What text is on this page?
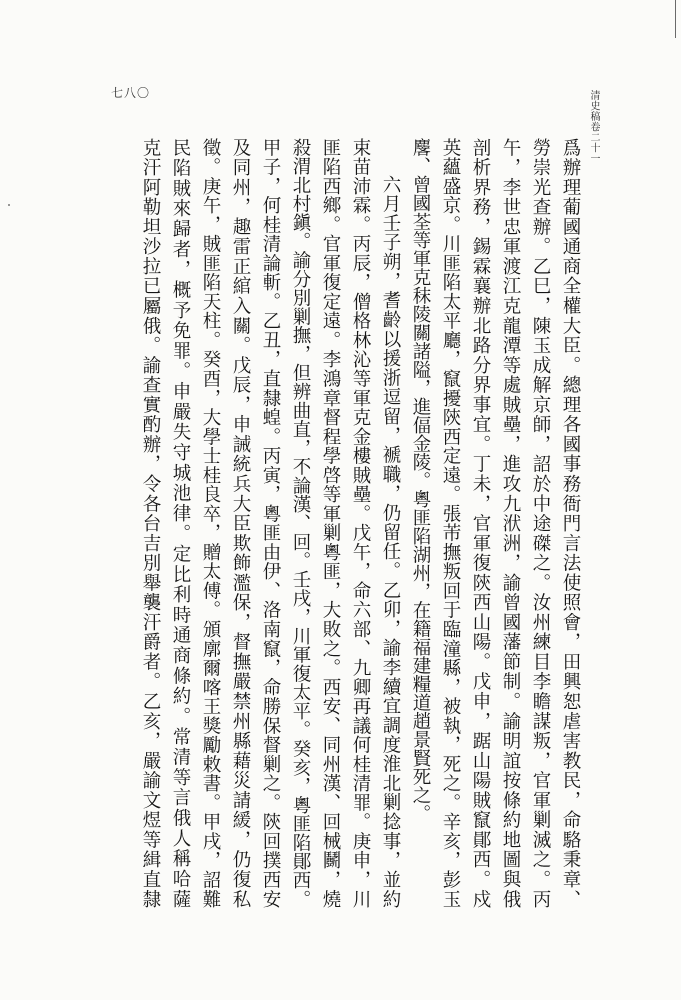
清史稿卷二十一
七八〇
爲辦理葡國通商全權大臣。總理各國事務衙門言法使照會，田興恕虐害教民，命駱秉章、
勞崇光查辦。乙巳，陳玉成解京師，詔於中途磔之。汝州練目李瞻謀叛，官軍剿滅之。丙
午，李世忠軍渡江克龍潭等處賊壘，進攻九洑洲，諭曾國藩節制。諭明誼按條約地圖與俄
剖析界務，錫霖襄辦北路分界事宜。丁未，官軍復陝西山陽。戊申，踞山陽賊竄鄖西。戍
英蘊盛京。川匪陷太平廳，竄擾陝西定遠。張芾撫叛回于臨潼縣，被執，死之。辛亥，彭玉
麐、曾國荃等軍克秣陵關諸隘，進偪金陵。粵匪陷湖州，在籍福建糧道趙景賢死之。
六月壬子朔，耆齡以援浙逗留，褫職，仍留任。乙卯，諭李續宜調度淮北剿捻事，並約
束苗沛霖。丙辰，僧格林沁等軍克金樓賊壘。戊午，命六部、九卿再議何桂清罪。庚申，川
匪陷西鄉。官軍復定遠。李鴻章督程學啓等軍剿粵匪，大敗之。西安、同州漢、回械鬭，燒
殺渭北村鎭。諭分別剿撫，但辨曲直，不論漢、回。壬戌，川軍復太平。癸亥，粵匪陷鄖西。
甲子，何桂清論斬。乙丑，直隸蝗。丙寅，粵匪由伊、洛南竄，命勝保督剿之。陝回撲西安
及同州，趣雷正綰入關。戊辰，申誡統兵大臣欺飾濫保，督撫嚴禁州縣藉災請緩，仍復私
徵。庚午，賊匪陷天柱。癸酉，大學士桂良卒，贈太傅。頒廓爾喀王獎勵敕書。甲戌，詔難
民陷賊來歸者，概予免罪。申嚴失守城池律。定比利時通商條約。常清等言俄人稱哈薩
克汗阿勒坦沙拉已屬俄。諭查實酌辦，令各台吉別舉襲汗爵者。乙亥，嚴諭文煜等緝直隸
